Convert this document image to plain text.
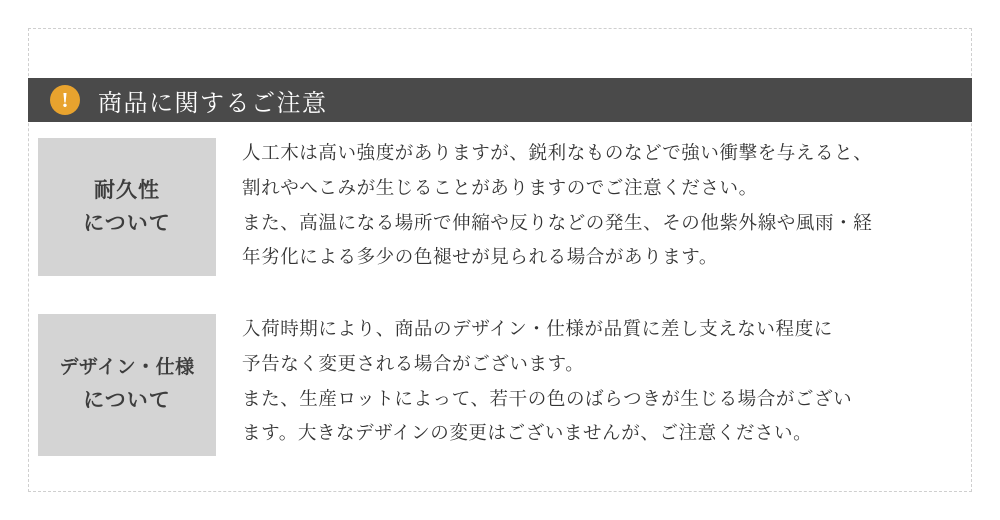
!	商品に関するご注意
耐久性
について

人工木は高い強度がありますが、鋭利なものなどで強い衝撃を与えると、

割れやへこみが生じることがありますのでご注意ください。

また、高温になる場所で伸縮や反りなどの発生、その他紫外線や風雨・経

年劣化による多少の色褪せが見られる場合があります。

デザイン・仕様
について

入荷時期により、商品のデザイン・仕様が品質に差し支えない程度に

予告なく変更される場合がございます。

また、生産ロットによって、若干の色のばらつきが生じる場合がござい

ます。大きなデザインの変更はございませんが、ご注意ください。
